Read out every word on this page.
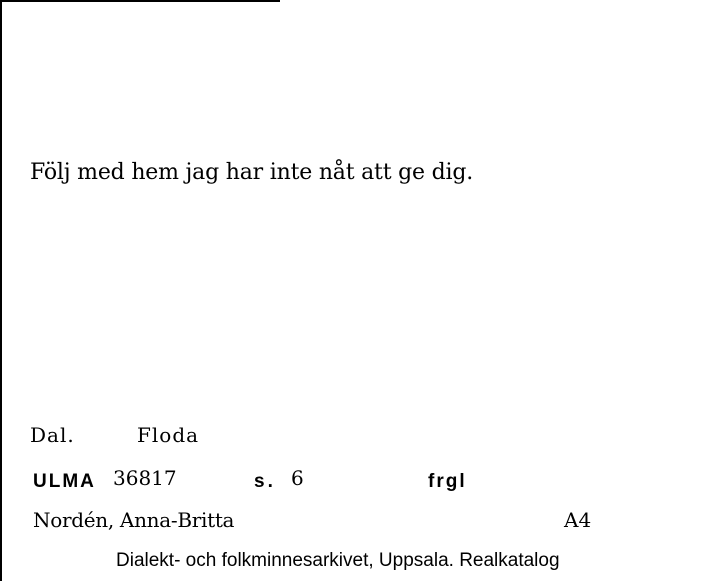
Följ med hem jag har inte nåt att ge dig.
Dal.	Floda
ULMA 36817	s. 6	frgl
Nordén, Anna-Britta	A4
Dialekt- och folkminnesarkivet, Uppsala. Realkatalog
